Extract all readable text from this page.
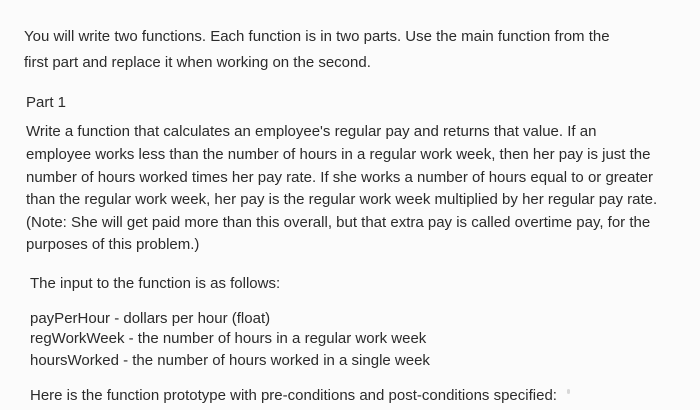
You will write two functions. Each function is in two parts. Use the main function from the
first part and replace it when working on the second.
Part 1
Write a function that calculates an employee's regular pay and returns that value. If an
employee works less than the number of hours in a regular work week, then her pay is just the
number of hours worked times her pay rate. If she works a number of hours equal to or greater
than the regular work week, her pay is the regular work week multiplied by her regular pay rate.
(Note: She will get paid more than this overall, but that extra pay is called overtime pay, for the
purposes of this problem.)
The input to the function is as follows:
payPerHour - dollars per hour (float)
regWorkWeek - the number of hours in a regular work week
hoursWorked - the number of hours worked in a single week
Here is the function prototype with pre-conditions and post-conditions specified:
